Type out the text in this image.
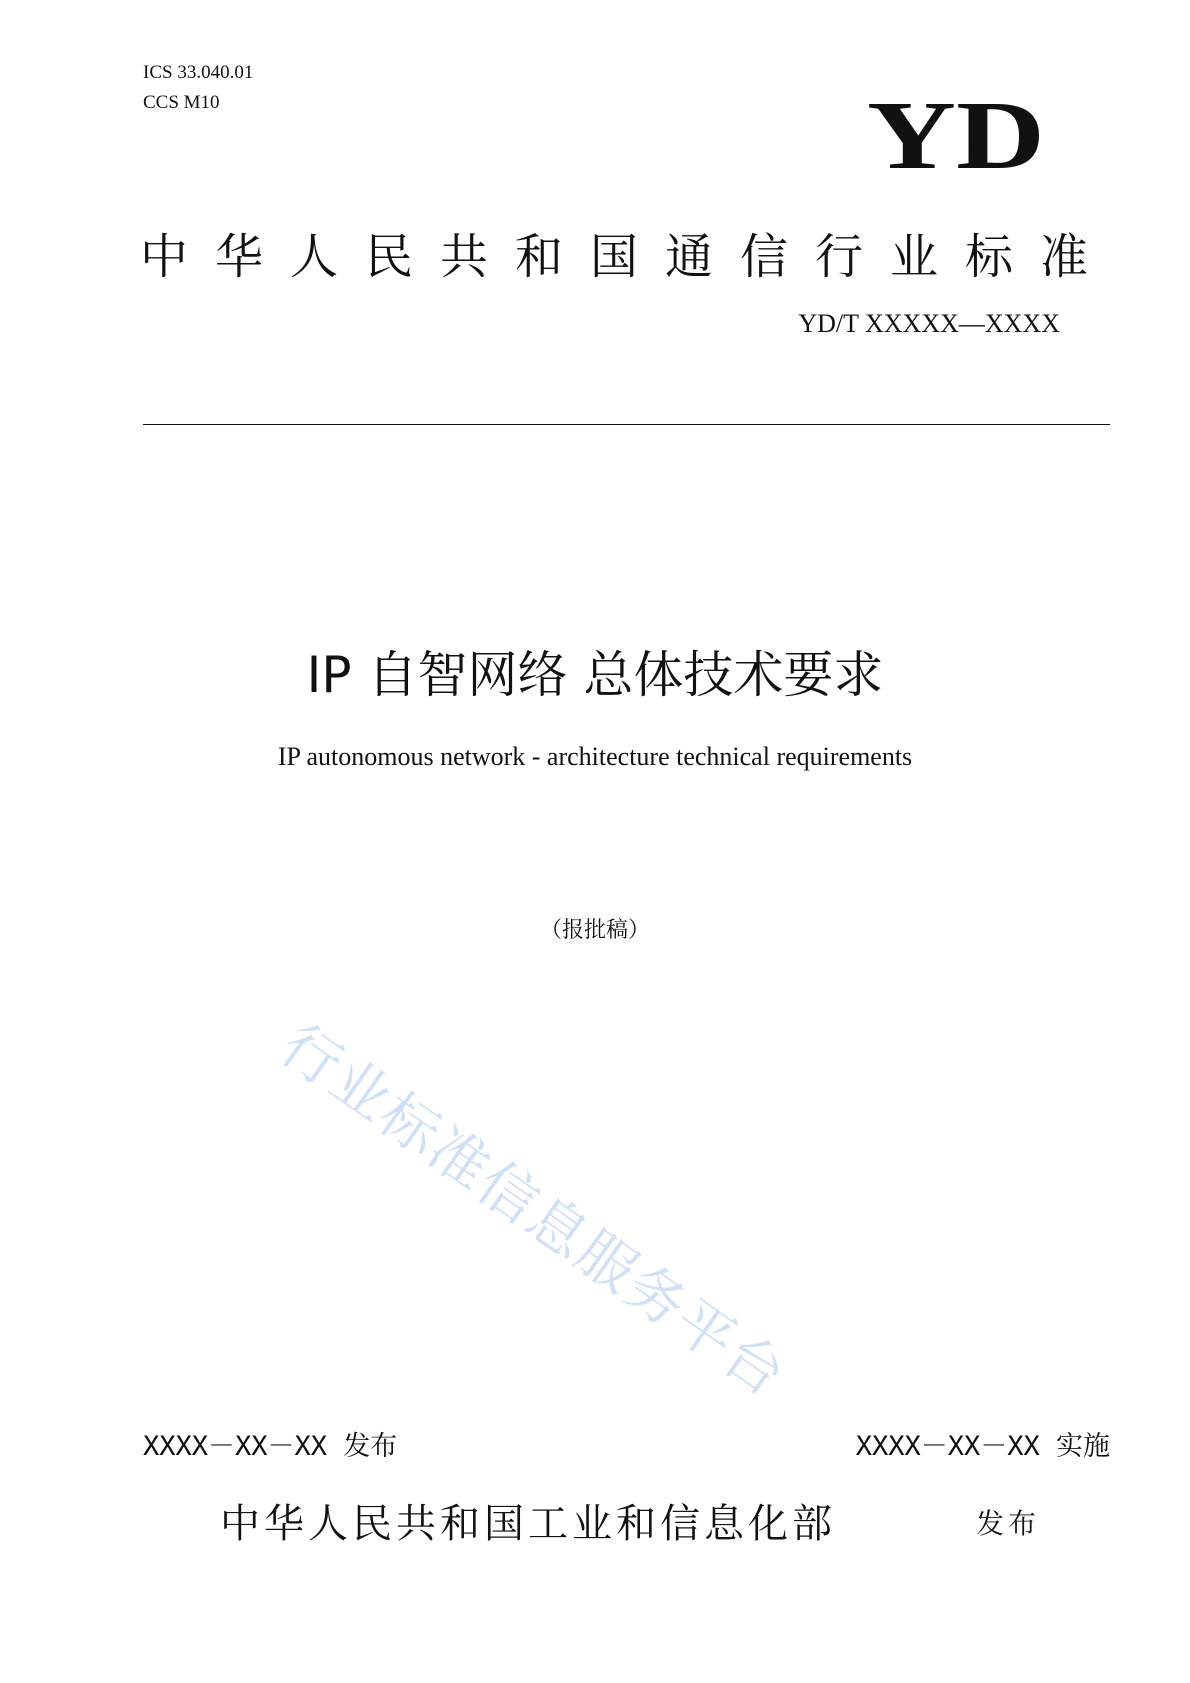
ICS 33.040.01
CCS M10	YD
中华人民共和国通信行业标准
YD/T XXXXX—XXXX
IP 自智网络 总体技术要求
IP autonomous network - architecture technical requirements
（报批稿）
行业标准信息服务平台
XXXX－XX－XX 发布	XXXX－XX－XX 实施
中华人民共和国工业和信息化部	发布
